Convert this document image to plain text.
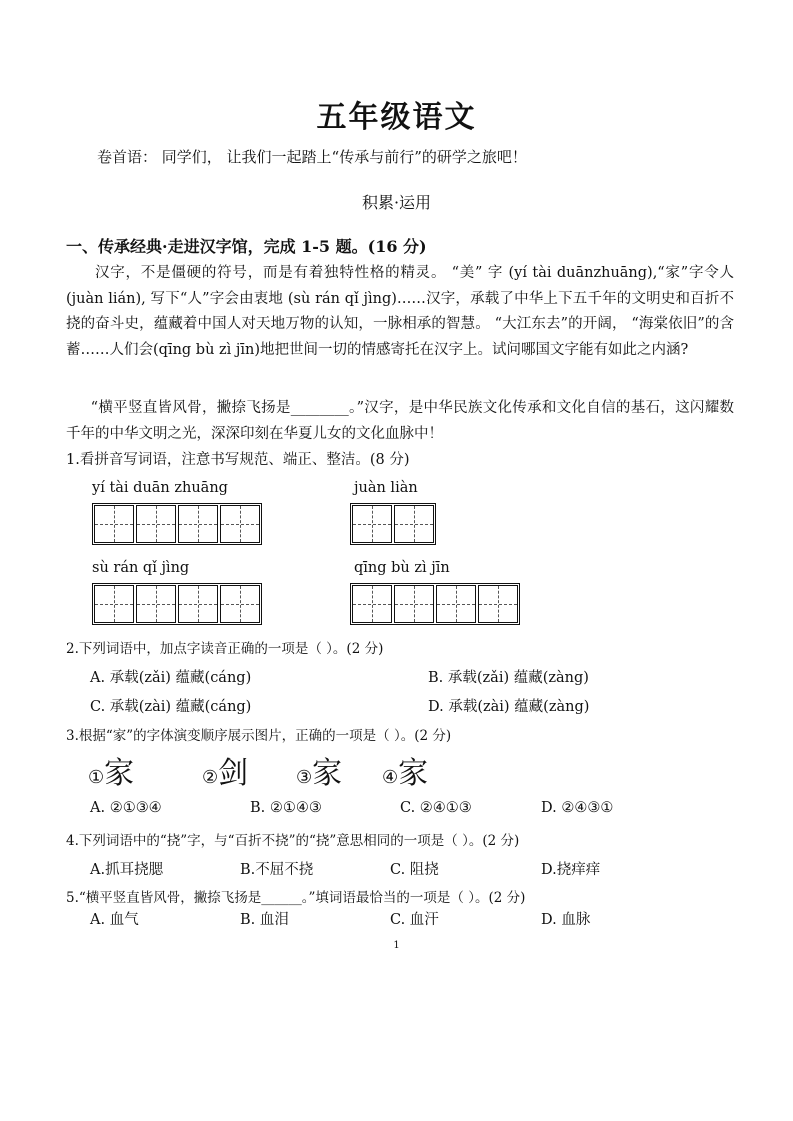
五年级语文
卷首语： 同学们， 让我们一起踏上“传承与前行”的研学之旅吧！
积累·运用
一、传承经典·走进汉字馆，完成 1-5 题。(16 分)
汉字，不是僵硬的符号，而是有着独特性格的精灵。 “美” 字 (yí tài duānzhuāng),“家”字令人 (juàn lián), 写下“人”字会由衷地 (sù rán qǐ jìng)……汉字，承载了中华上下五千年的文明史和百折不挠的奋斗史，蕴藏着中国人对天地万物的认知，一脉相承的智慧。 “大江东去”的开阔， “海棠依旧”的含蓄……人们会(qīng bù zì jīn)地把世间一切的情感寄托在汉字上。试问哪国文字能有如此之内涵?
“横平竖直皆风骨，撇捺飞扬是________。”汉字，是中华民族文化传承和文化自信的基石，这闪耀数千年的中华文明之光，深深印刻在华夏儿女的文化血脉中！
1.看拼音写词语，注意书写规范、端正、整洁。(8 分)
yí tài duān zhuāng	juàn liàn
sù rán qǐ jìng	qīng bù zì jīn
2.下列词语中，加点字读音正确的一项是（ ）。(2 分)
A. 承载(zǎi) 蕴藏(cáng)	B. 承载(zǎi) 蕴藏(zàng)
C. 承载(zài) 蕴藏(cáng)	D. 承载(zài) 蕴藏(zàng)
3.根据“家”的字体演变顺序展示图片，正确的一项是（ ）。(2 分)
①家	②剑	③家 ④家
A. ②①③④	B. ②①④③	C. ②④①③	D. ②④③①
4.下列词语中的“挠”字，与“百折不挠”的“挠”意思相同的一项是（ ）。(2 分)
A.抓耳挠腮	B.不屈不挠	C. 阻挠	D.挠痒痒
5.“横平竖直皆风骨，撇捺飞扬是______。”填词语最恰当的一项是（ ）。(2 分)
A. 血气	B. 血泪	C. 血汗	D. 血脉
1
